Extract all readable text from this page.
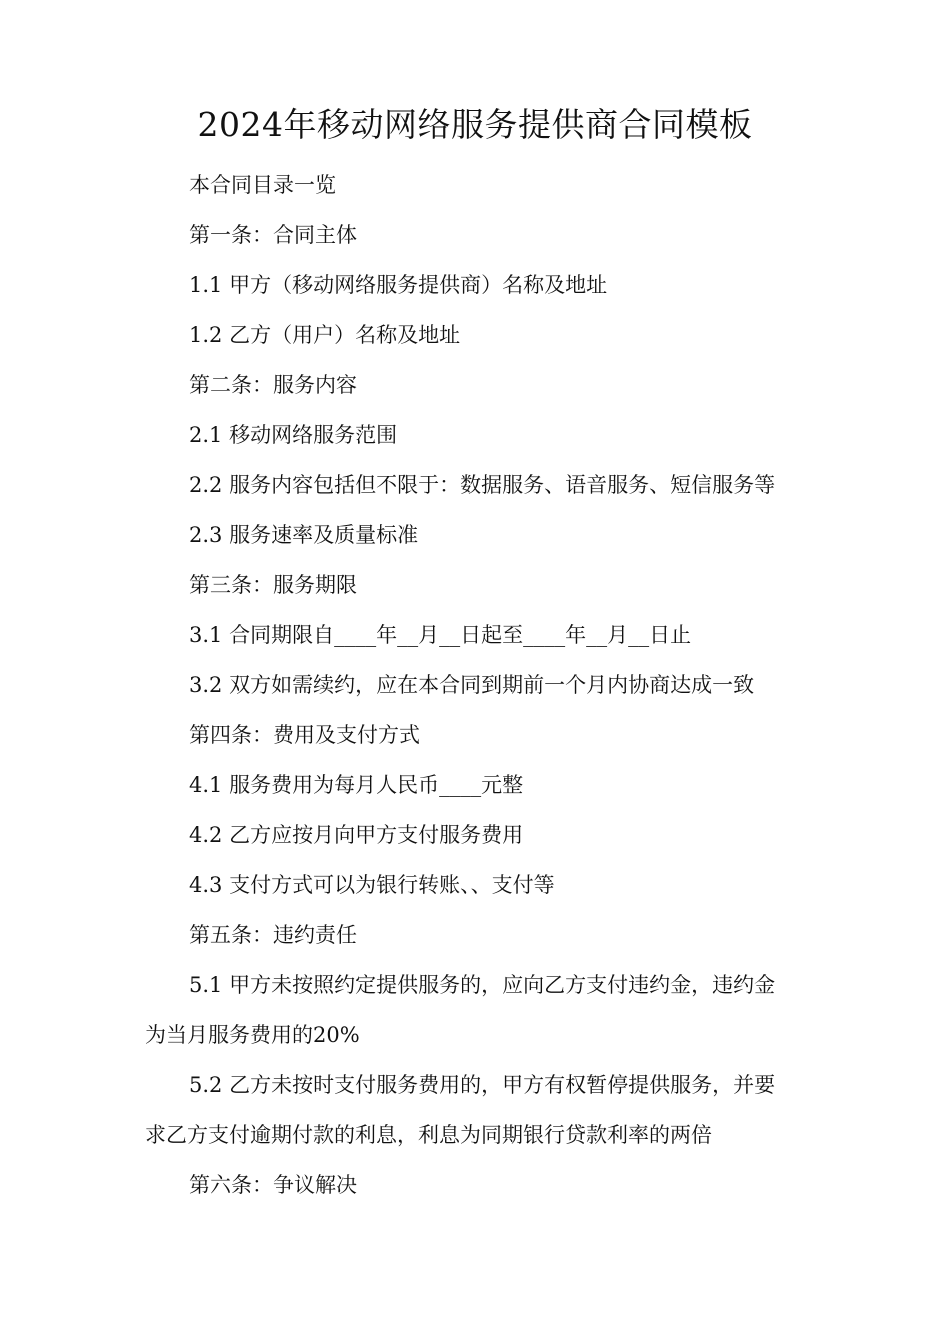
2024年移动网络服务提供商合同模板
本合同目录一览
第一条：合同主体
1.1 甲方（移动网络服务提供商）名称及地址
1.2 乙方（用户）名称及地址
第二条：服务内容
2.1 移动网络服务范围
2.2 服务内容包括但不限于：数据服务、语音服务、短信服务等
2.3 服务速率及质量标准
第三条：服务期限
3.1 合同期限自____年__月__日起至____年__月__日止
3.2 双方如需续约，应在本合同到期前一个月内协商达成一致
第四条：费用及支付方式
4.1 服务费用为每月人民币____元整
4.2 乙方应按月向甲方支付服务费用
4.3 支付方式可以为银行转账、、支付等
第五条：违约责任
5.1 甲方未按照约定提供服务的，应向乙方支付违约金，违约金
为当月服务费用的20%
5.2 乙方未按时支付服务费用的，甲方有权暂停提供服务，并要
求乙方支付逾期付款的利息，利息为同期银行贷款利率的两倍
第六条：争议解决
